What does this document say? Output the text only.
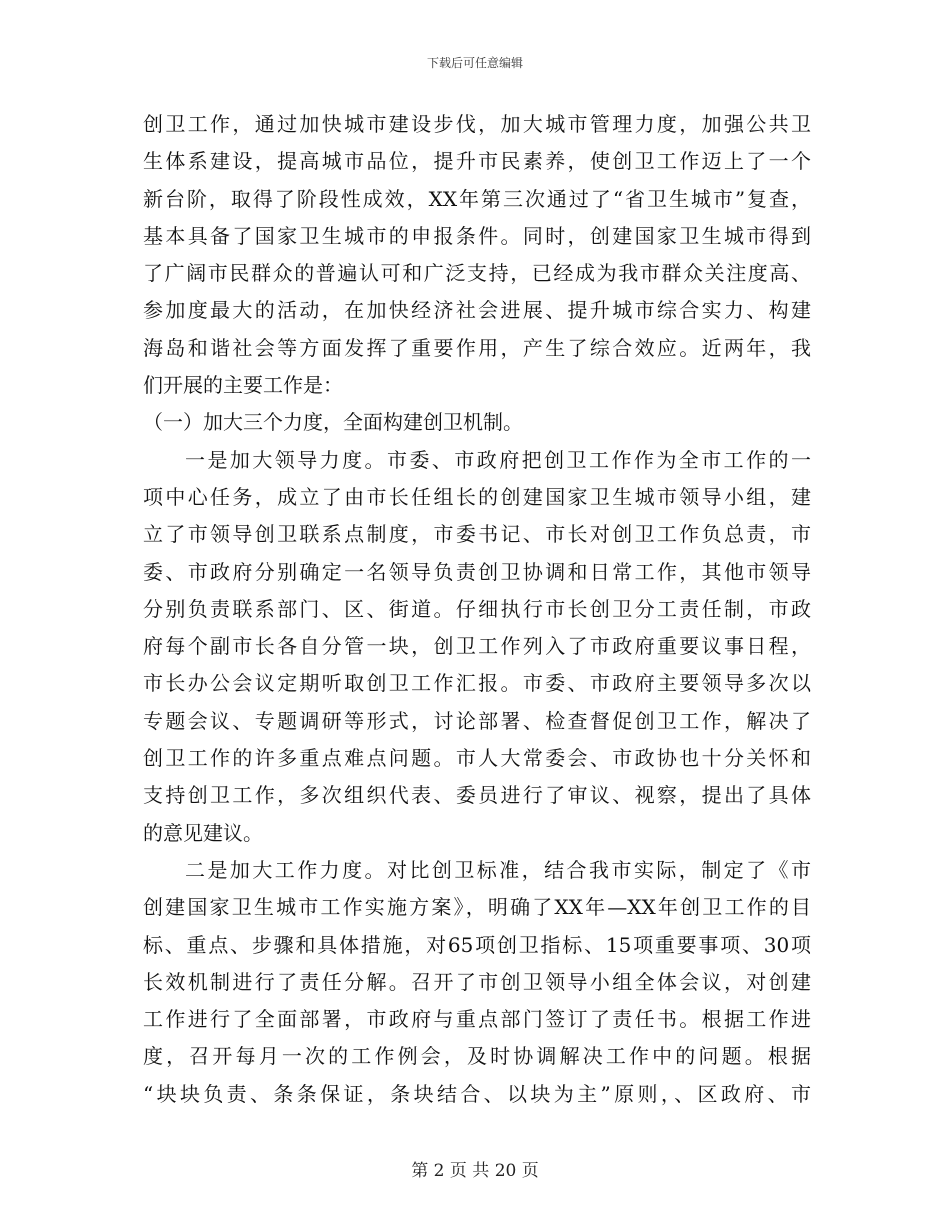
下载后可任意编辑
创卫工作，通过加快城市建设步伐，加大城市管理力度，加强公共卫
生体系建设，提高城市品位，提升市民素养，使创卫工作迈上了一个
新台阶，取得了阶段性成效，XX年第三次通过了“省卫生城市”复查，
基本具备了国家卫生城市的申报条件。同时，创建国家卫生城市得到
了广阔市民群众的普遍认可和广泛支持，已经成为我市群众关注度高、
参加度最大的活动，在加快经济社会进展、提升城市综合实力、构建
海岛和谐社会等方面发挥了重要作用，产生了综合效应。近两年，我
们开展的主要工作是：
（一）加大三个力度，全面构建创卫机制。
一是加大领导力度。市委、市政府把创卫工作作为全市工作的一
项中心任务，成立了由市长任组长的创建国家卫生城市领导小组，建
立了市领导创卫联系点制度，市委书记、市长对创卫工作负总责，市
委、市政府分别确定一名领导负责创卫协调和日常工作，其他市领导
分别负责联系部门、区、街道。仔细执行市长创卫分工责任制，市政
府每个副市长各自分管一块，创卫工作列入了市政府重要议事日程，
市长办公会议定期听取创卫工作汇报。市委、市政府主要领导多次以
专题会议、专题调研等形式，讨论部署、检查督促创卫工作，解决了
创卫工作的许多重点难点问题。市人大常委会、市政协也十分关怀和
支持创卫工作，多次组织代表、委员进行了审议、视察，提出了具体
的意见建议。
二是加大工作力度。对比创卫标准，结合我市实际，制定了《市
创建国家卫生城市工作实施方案》，明确了XX年—XX年创卫工作的目
标、重点、步骤和具体措施，对65项创卫指标、15项重要事项、30项
长效机制进行了责任分解。召开了市创卫领导小组全体会议，对创建
工作进行了全面部署，市政府与重点部门签订了责任书。根据工作进
度，召开每月一次的工作例会，及时协调解决工作中的问题。根据
“块块负责、条条保证，条块结合、以块为主”原则，、区政府、市
第 2 页 共 20 页
